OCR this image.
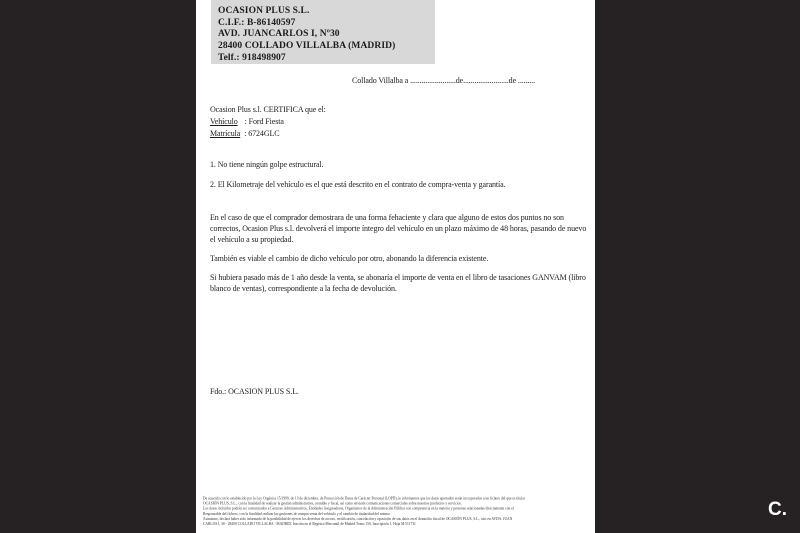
OCASION PLUS S.L.
C.I.F.: B-86140597
AVD. JUANCARLOS I, Nº30
28400 COLLADO VILLALBA (MADRID)
Telf.: 918498907
Collado Villalba a ........................de........................de .........
Ocasion Plus s.l. CERTIFICA que el:
Vehículo : Ford Fiesta
Matrícula : 6724GLC
1. No tiene ningún golpe estructural.
2. El Kilometraje del vehículo es el que está descrito en el contrato de compra-venta y garantía.
En el caso de que el comprador demostrara de una forma fehaciente y clara que alguno de estos dos puntos no son correctos, Ocasion Plus s.l. devolverá el importe íntegro del vehículo en un plazo máximo de 48 horas, pasando de nuevo el vehículo a su propiedad.
También es viable el cambio de dicho vehículo por otro, abonando la diferencia existente.
Si hubiera pasado más de 1 año desde la venta, se abonaría el importe de venta en el libro de tasaciones GANVAM (libro blanco de ventas), correspondiente a la fecha de devolución.
Fdo.: OCASION PLUS S.L.
De acuerdo con lo establecido por la Ley Orgánica 15/1999, de 13 de diciembre, de Protección de Datos de Carácter Personal (LOPD), le informamos que los datos aportados serán incorporados a un fichero del que es titular
OCASIÓN PLUS, S.L., con la finalidad de realizar la gestión administrativa, contable y fiscal, así como enviarle comunicaciones comerciales sobre nuestros productos y servicios.
Los datos incluidos podrán ser comunicados a Gestores Administrativos, Entidades Aseguradoras, Organismos de la Administración Pública con competencia en la materia y personas relacionadas directamente con el
Responsable del fichero, con la finalidad realizar las gestiones de compra venta del vehículo y el cambio de titularidad del mismo.
Asimismo, declara haber sido informado de la posibilidad de ejercer los derechos de acceso, rectificación, cancelación y oposición de sus datos en el domicilio fiscal de OCASIÓN PLUS, S.L., sito en AVDA. JUAN
CARLOS I, 30 - 28400 COLLADO VILLALBA - MADRID. Inscrita en el Registro Mercantil de Madrid Tomo 150, Inscripción 1, Hoja M 511731
C.
